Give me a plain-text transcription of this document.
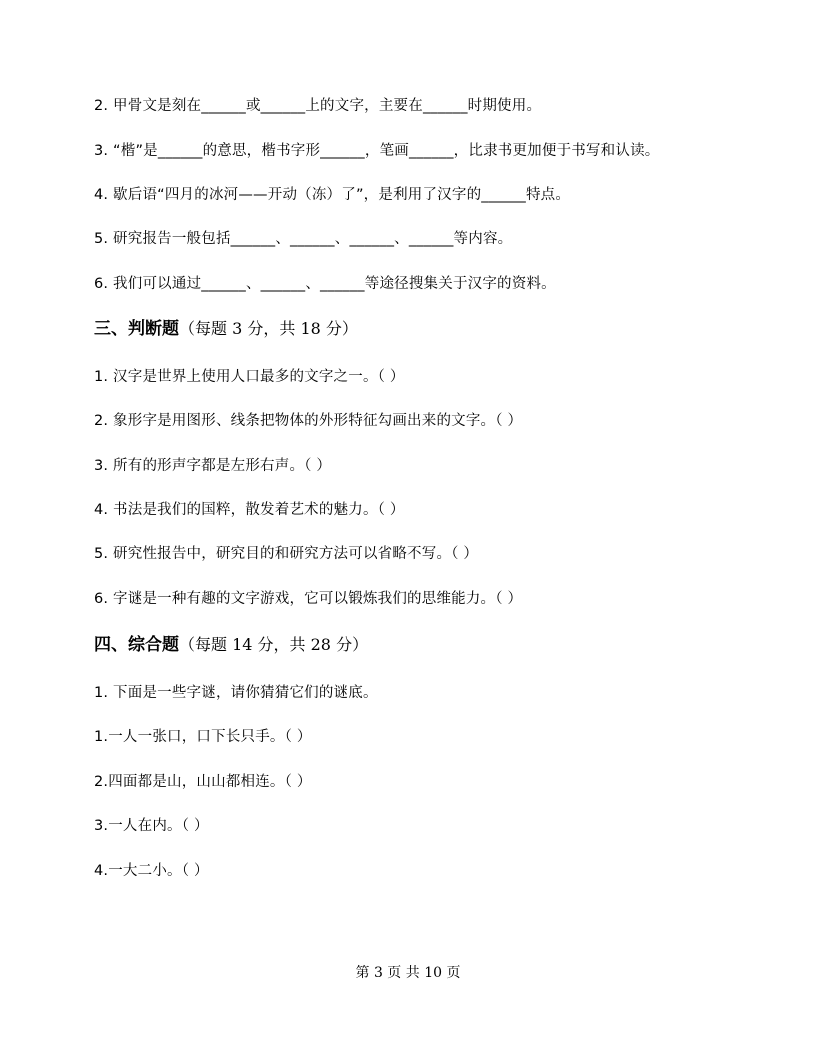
2. 甲骨文是刻在______或______上的文字，主要在______时期使用。
3. “楷”是______的意思，楷书字形______，笔画______，比隶书更加便于书写和认读。
4. 歇后语“四月的冰河——开动（冻）了”，是利用了汉字的______特点。
5. 研究报告一般包括______、______、______、______等内容。
6. 我们可以通过______、______、______等途径搜集关于汉字的资料。
三、判断题（每题 3 分，共 18 分）
1. 汉字是世界上使用人口最多的文字之一。（ ）
2. 象形字是用图形、线条把物体的外形特征勾画出来的文字。（ ）
3. 所有的形声字都是左形右声。（ ）
4. 书法是我们的国粹，散发着艺术的魅力。（ ）
5. 研究性报告中，研究目的和研究方法可以省略不写。（ ）
6. 字谜是一种有趣的文字游戏，它可以锻炼我们的思维能力。（ ）
四、综合题（每题 14 分，共 28 分）
1. 下面是一些字谜，请你猜猜它们的谜底。
1.一人一张口，口下长只手。（ ）
2.四面都是山，山山都相连。（ ）
3.一人在内。（ ）
4.一大二小。（ ）
第 3 页 共 10 页
